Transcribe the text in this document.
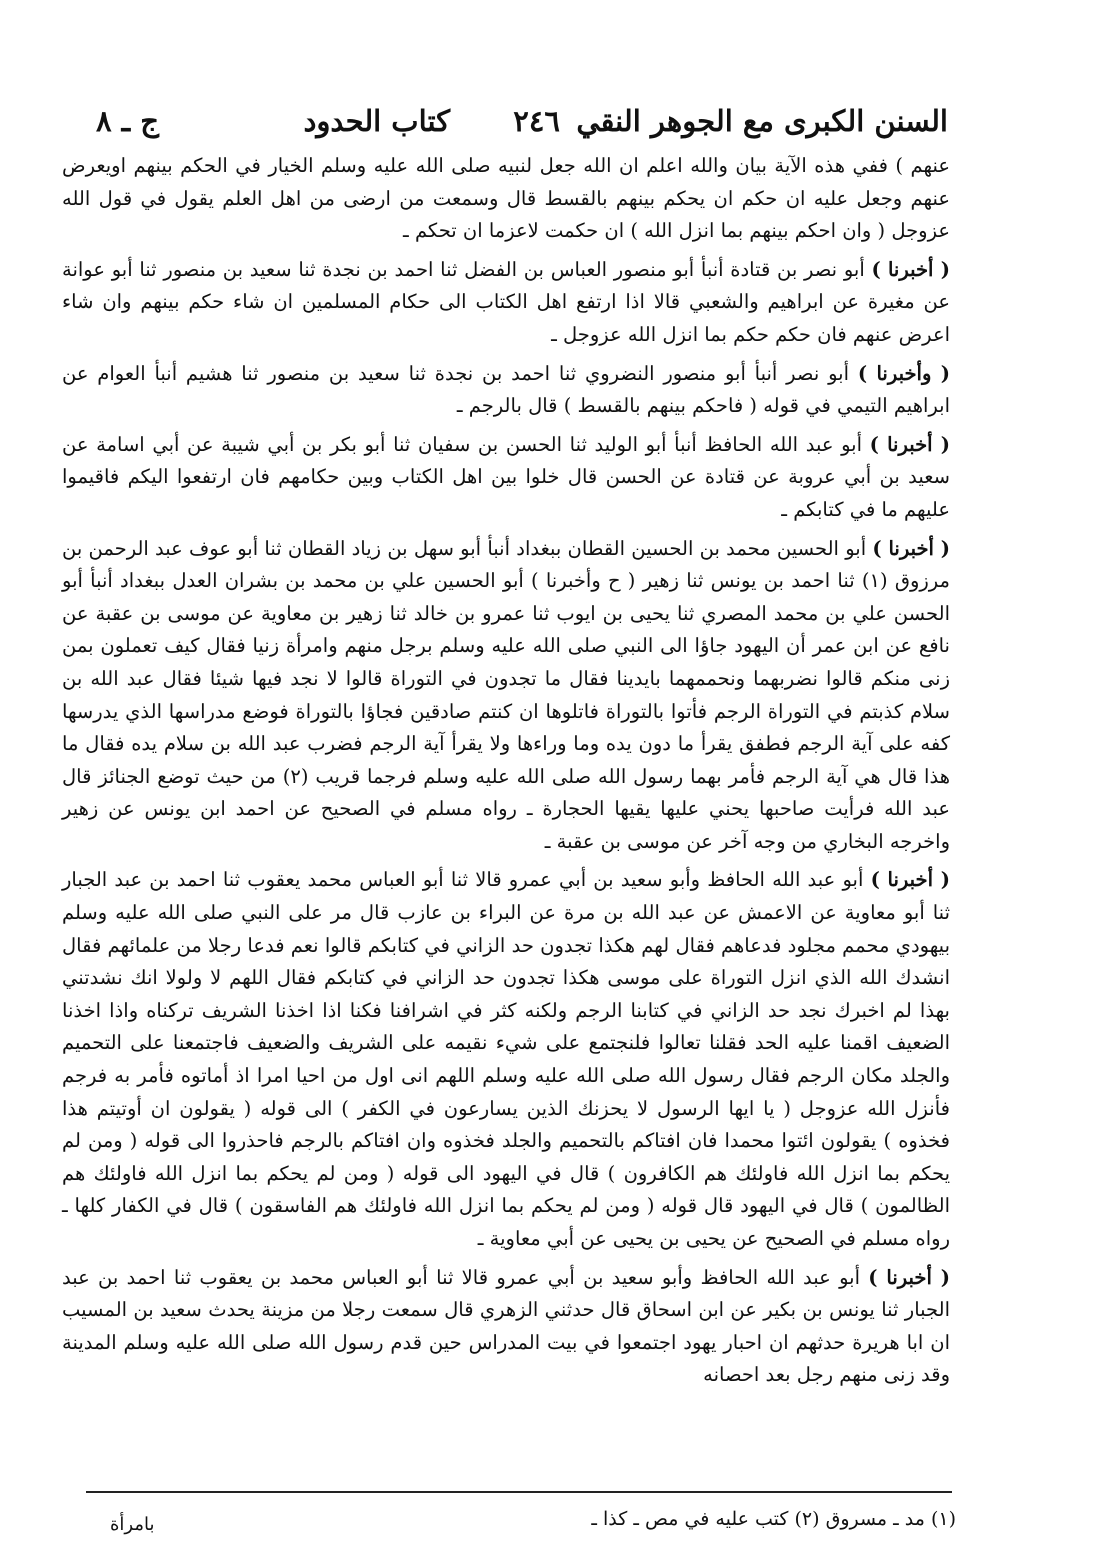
السنن الكبرى مع الجوهر النقي
٢٤٦
كتاب الحدود
ج ـ ٨

عنهم ) ففي هذه الآية بيان والله اعلم ان الله جعل لنبيه صلى الله عليه وسلم الخيار في الحكم بينهم اويعرض عنهم وجعل عليه ان حكم ان يحكم بينهم بالقسط قال وسمعت من ارضى من اهل العلم يقول في قول الله عزوجل ( وان احكم بينهم بما انزل الله ) ان حكمت لاعزما ان تحكم ـ

( أخبرنا ) أبو نصر بن قتادة أنبأ أبو منصور العباس بن الفضل ثنا احمد بن نجدة ثنا سعيد بن منصور ثنا أبو عوانة عن مغيرة عن ابراهيم والشعبي قالا اذا ارتفع اهل الكتاب الى حكام المسلمين ان شاء حكم بينهم وان شاء اعرض عنهم فان حكم حكم بما انزل الله عزوجل ـ

( وأخبرنا ) أبو نصر أنبأ أبو منصور النضروي ثنا احمد بن نجدة ثنا سعيد بن منصور ثنا هشيم أنبأ العوام عن ابراهيم التيمي في قوله ( فاحكم بينهم بالقسط ) قال بالرجم ـ

( أخبرنا ) أبو عبد الله الحافظ أنبأ أبو الوليد ثنا الحسن بن سفيان ثنا أبو بكر بن أبي شيبة عن أبي اسامة عن سعيد بن أبي عروبة عن قتادة عن الحسن قال خلوا بين اهل الكتاب وبين حكامهم فان ارتفعوا اليكم فاقيموا عليهم ما في كتابكم ـ

( أخبرنا ) أبو الحسين محمد بن الحسين القطان ببغداد أنبأ أبو سهل بن زياد القطان ثنا أبو عوف عبد الرحمن بن مرزوق (١) ثنا احمد بن يونس ثنا زهير ( ح وأخبرنا ) أبو الحسين علي بن محمد بن بشران العدل ببغداد أنبأ أبو الحسن علي بن محمد المصري ثنا يحيى بن ايوب ثنا عمرو بن خالد ثنا زهير بن معاوية عن موسى بن عقبة عن نافع عن ابن عمر أن اليهود جاؤا الى النبي صلى الله عليه وسلم برجل منهم وامرأة زنيا فقال كيف تعملون بمن زنى منكم قالوا نضربهما ونحممهما بايدينا فقال ما تجدون في التوراة قالوا لا نجد فيها شيئا فقال عبد الله بن سلام كذبتم في التوراة الرجم فأتوا بالتوراة فاتلوها ان كنتم صادقين فجاؤا بالتوراة فوضع مدراسها الذي يدرسها كفه على آية الرجم فطفق يقرأ ما دون يده وما وراءها ولا يقرأ آية الرجم فضرب عبد الله بن سلام يده فقال ما هذا قال هي آية الرجم فأمر بهما رسول الله صلى الله عليه وسلم فرجما قريب (٢) من حيث توضع الجنائز قال عبد الله فرأيت صاحبها يحني عليها يقيها الحجارة ـ رواه مسلم في الصحيح عن احمد ابن يونس عن زهير واخرجه البخاري من وجه آخر عن موسى بن عقبة ـ

( أخبرنا ) أبو عبد الله الحافظ وأبو سعيد بن أبي عمرو قالا ثنا أبو العباس محمد يعقوب ثنا احمد بن عبد الجبار ثنا أبو معاوية عن الاعمش عن عبد الله بن مرة عن البراء بن عازب قال مر على النبي صلى الله عليه وسلم بيهودي محمم مجلود فدعاهم فقال لهم هكذا تجدون حد الزاني في كتابكم قالوا نعم فدعا رجلا من علمائهم فقال انشدك الله الذي انزل التوراة على موسى هكذا تجدون حد الزاني في كتابكم فقال اللهم لا ولولا انك نشدتني بهذا لم اخبرك نجد حد الزاني في كتابنا الرجم ولكنه كثر في اشرافنا فكنا اذا اخذنا الشريف تركناه واذا اخذنا الضعيف اقمنا عليه الحد فقلنا تعالوا فلنجتمع على شيء نقيمه على الشريف والضعيف فاجتمعنا على التحميم والجلد مكان الرجم فقال رسول الله صلى الله عليه وسلم اللهم انى اول من احيا امرا اذ أماتوه فأمر به فرجم فأنزل الله عزوجل ( يا ايها الرسول لا يحزنك الذين يسارعون في الكفر ) الى قوله ( يقولون ان أوتيتم هذا فخذوه ) يقولون ائتوا محمدا فان افتاكم بالتحميم والجلد فخذوه وان افتاكم بالرجم فاحذروا الى قوله ( ومن لم يحكم بما انزل الله فاولئك هم الكافرون ) قال في اليهود الى قوله ( ومن لم يحكم بما انزل الله فاولئك هم الظالمون ) قال في اليهود قال قوله ( ومن لم يحكم بما انزل الله فاولئك هم الفاسقون ) قال في الكفار كلها ـ رواه مسلم في الصحيح عن يحيى بن يحيى عن أبي معاوية ـ

( أخبرنا ) أبو عبد الله الحافظ وأبو سعيد بن أبي عمرو قالا ثنا أبو العباس محمد بن يعقوب ثنا احمد بن عبد الجبار ثنا يونس بن بكير عن ابن اسحاق قال حدثني الزهري قال سمعت رجلا من مزينة يحدث سعيد بن المسيب ان ابا هريرة حدثهم ان احبار يهود اجتمعوا في بيت المدراس حين قدم رسول الله صلى الله عليه وسلم المدينة وقد زنى منهم رجل بعد احصانه

(١) مد ـ مسروق (٢) كتب عليه في مص ـ كذا ـ
بامرأة
